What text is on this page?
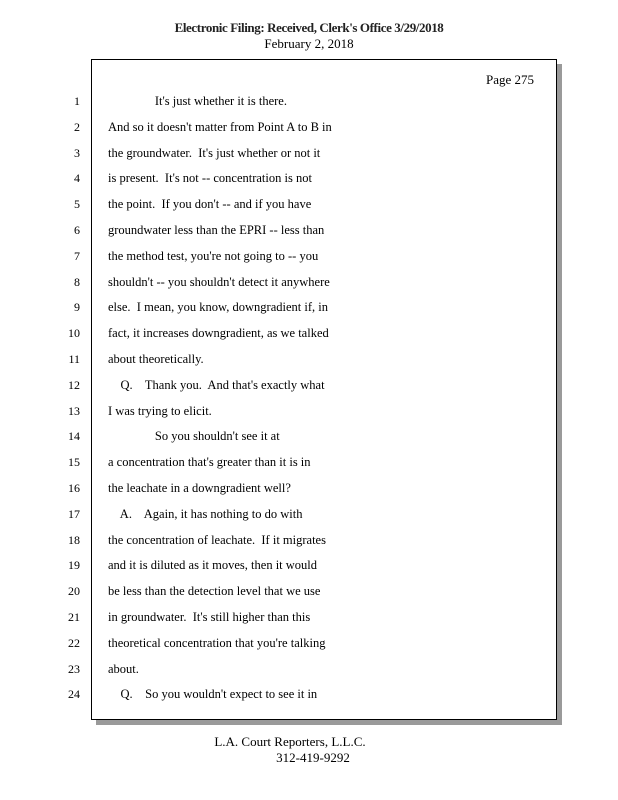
Electronic Filing: Received, Clerk's Office 3/29/2018
February 2, 2018
Page 275
1 It's just whether it is there.
2 And so it doesn't matter from Point A to B in
3 the groundwater.  It's just whether or not it
4 is present.  It's not -- concentration is not
5 the point.  If you don't -- and if you have
6 groundwater less than the EPRI -- less than
7 the method test, you're not going to -- you
8 shouldn't -- you shouldn't detect it anywhere
9 else.  I mean, you know, downgradient if, in
10 fact, it increases downgradient, as we talked
11 about theoretically.
12 Q.    Thank you.  And that's exactly what
13 I was trying to elicit.
14 So you shouldn't see it at
15 a concentration that's greater than it is in
16 the leachate in a downgradient well?
17 A.    Again, it has nothing to do with
18 the concentration of leachate.  If it migrates
19 and it is diluted as it moves, then it would
20 be less than the detection level that we use
21 in groundwater.  It's still higher than this
22 theoretical concentration that you're talking
23 about.
24 Q.    So you wouldn't expect to see it in
L.A. Court Reporters, L.L.C.
312-419-9292
